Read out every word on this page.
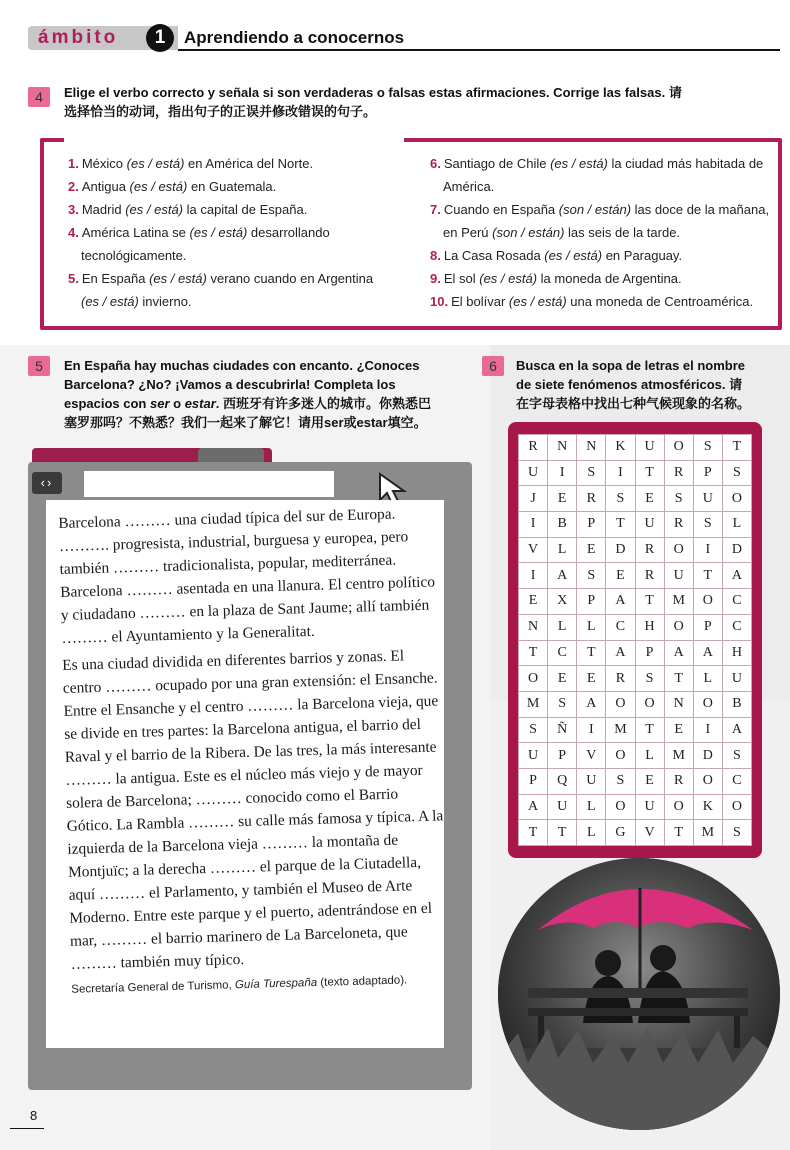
ámbito	1	Aprendiendo a conocernos
4	Elige el verbo correcto y señala si son verdaderas o falsas estas afirmaciones. Corrige las falsas. 请
选择恰当的动词，指出句子的正误并修改错误的句子。
1. México (es / está) en América del Norte.
2. Antigua (es / está) en Guatemala.
3. Madrid (es / está) la capital de España.
4. América Latina se (es / está) desarrollando
tecnológicamente.
5. En España (es / está) verano cuando en Argentina
(es / está) invierno.
6. Santiago de Chile (es / está) la ciudad más habitada de
América.
7. Cuando en España (son / están) las doce de la mañana,
en Perú (son / están) las seis de la tarde.
8. La Casa Rosada (es / está) en Paraguay.
9. El sol (es / está) la moneda de Argentina.
10. El bolívar (es / está) una moneda de Centroamérica.
5	En España hay muchas ciudades con encanto. ¿Conoces
Barcelona? ¿No? ¡Vamos a descubrirla! Completa los
espacios con ser o estar. 西班牙有许多迷人的城市。你熟悉巴
塞罗那吗？不熟悉？我们一起来了解它！请用ser或estar填空。
‹›

Barcelona ……… una ciudad típica del sur de Europa. ………. progresista, industrial, burguesa y europea, pero también ……… tradicionalista, popular, mediterránea. Barcelona ……… asentada en una llanura. El centro político y ciudadano ……… en la plaza de Sant Jaume; allí también ……… el Ayuntamiento y la Generalitat.

Es una ciudad dividida en diferentes barrios y zonas. El centro ……… ocupado por una gran extensión: el Ensanche. Entre el Ensanche y el centro ……… la Barcelona vieja, que se divide en tres partes: la Barcelona antigua, el barrio del Raval y el barrio de la Ribera. De las tres, la más interesante ……… la antigua. Este es el núcleo más viejo y de mayor solera de Barcelona; ……… conocido como el Barrio Gótico. La Rambla ……… su calle más famosa y típica. A la izquierda de la Barcelona vieja ……… la montaña de Montjuïc; a la derecha ……… el parque de la Ciutadella, aquí ……… el Parlamento, y también el Museo de Arte Moderno. Entre este parque y el puerto, adentrándose en el mar, ……… el barrio marinero de La Barceloneta, que ……… también muy típico.

Secretaría General de Turismo, Guía Turespaña (texto adaptado).
6	Busca en la sopa de letras el nombre
de siete fenómenos atmosféricos. 请
在字母表格中找出七种气候现象的名称。
R	N	N	K	U	O	S	T
U	I	S	I	T	R	P	S
J	E	R	S	E	S	U	O
I	B	P	T	U	R	S	L
V	L	E	D	R	O	I	D
I	A	S	E	R	U	T	A
E	X	P	A	T	M	O	C
N	L	L	C	H	O	P	C
T	C	T	A	P	A	A	H
O	E	E	R	S	T	L	U
M	S	A	O	O	N	O	B
S	Ñ	I	M	T	E	I	A
U	P	V	O	L	M	D	S
P	Q	U	S	E	R	O	C
A	U	L	O	U	O	K	O
T	T	L	G	V	T	M	S
8
